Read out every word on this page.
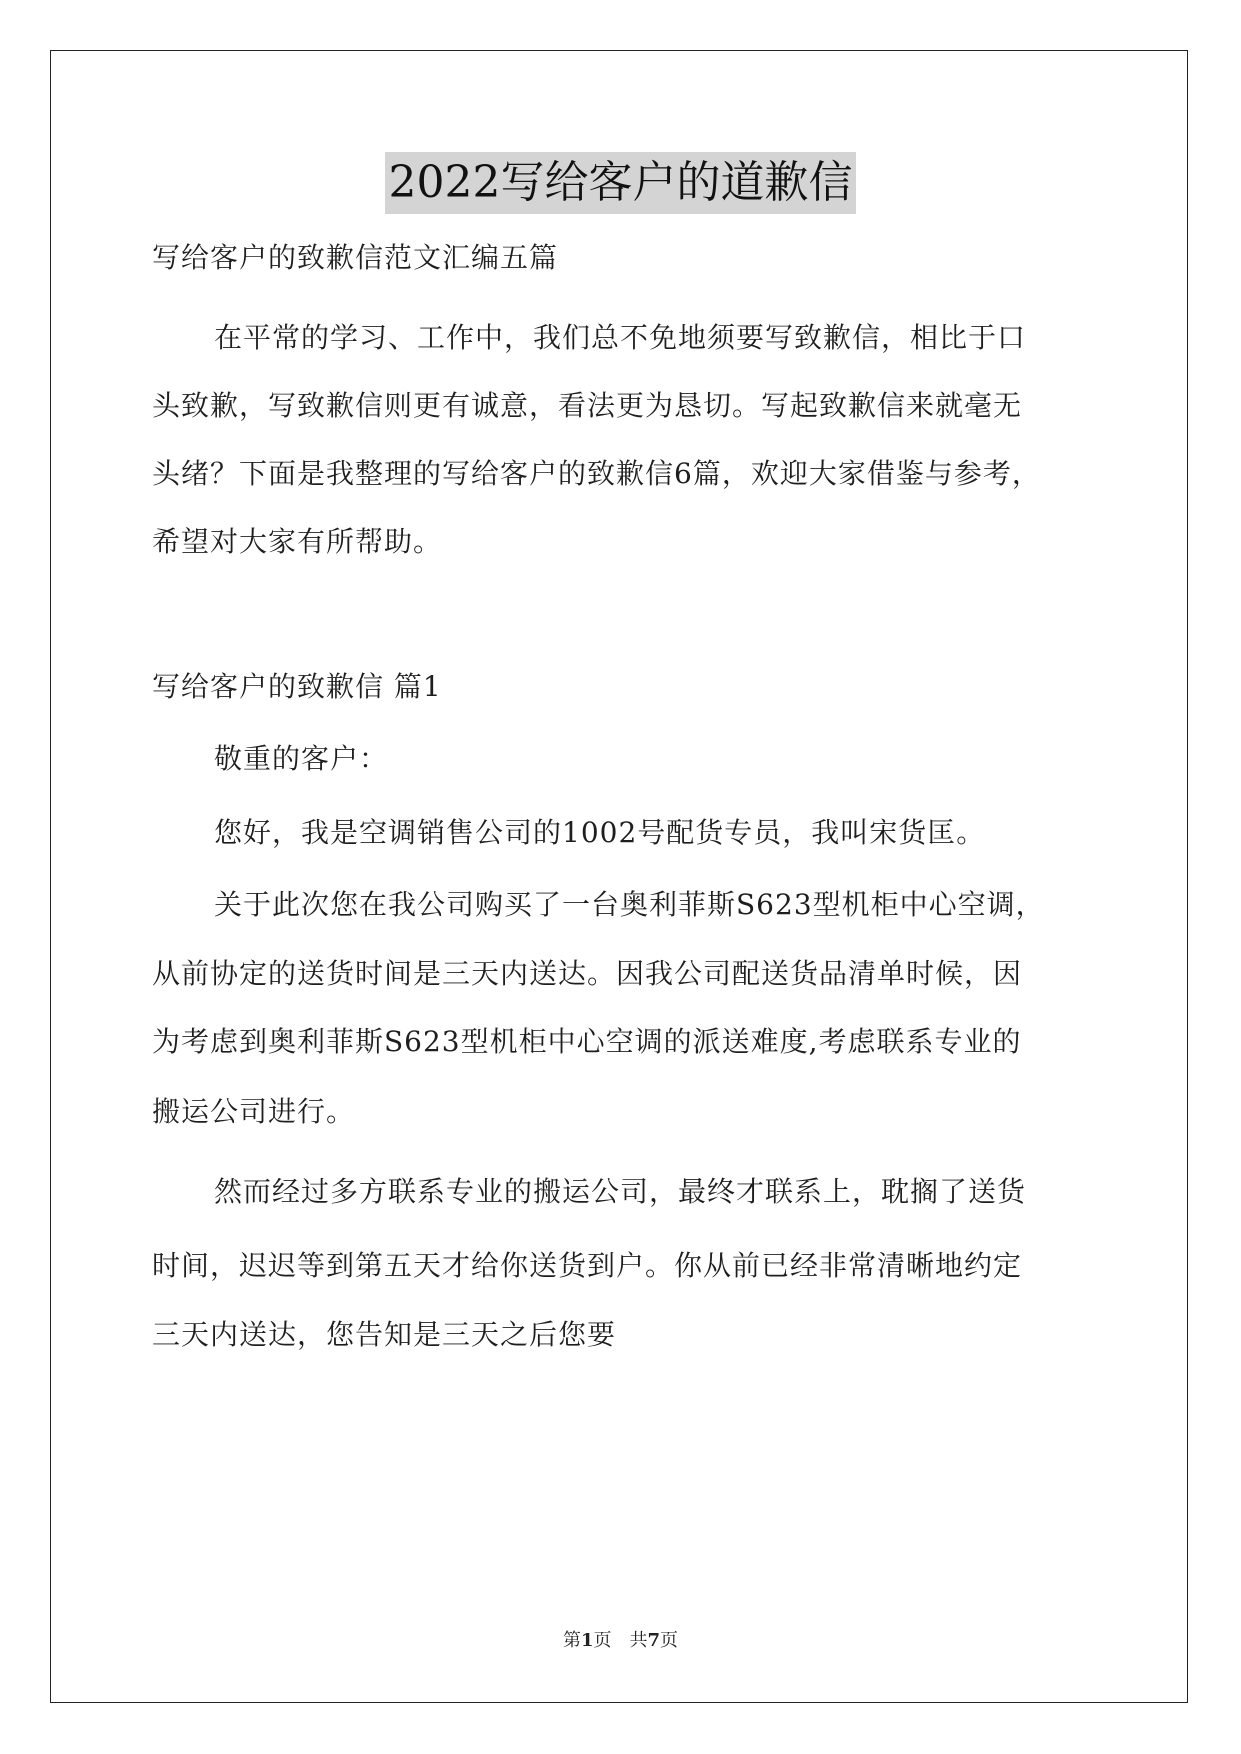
2022写给客户的道歉信
写给客户的致歉信范文汇编五篇
在平常的学习、工作中，我们总不免地须要写致歉信，相比于口
头致歉，写致歉信则更有诚意，看法更为恳切。写起致歉信来就毫无
头绪？下面是我整理的写给客户的致歉信6篇，欢迎大家借鉴与参考，
希望对大家有所帮助。
写给客户的致歉信 篇1
敬重的客户：
您好，我是空调销售公司的1002号配货专员，我叫宋货匡。
关于此次您在我公司购买了一台奥利菲斯S623型机柜中心空调，
从前协定的送货时间是三天内送达。因我公司配送货品清单时候，因
为考虑到奥利菲斯S623型机柜中心空调的派送难度,考虑联系专业的
搬运公司进行。
然而经过多方联系专业的搬运公司，最终才联系上，耽搁了送货
时间，迟迟等到第五天才给你送货到户。你从前已经非常清晰地约定
三天内送达，您告知是三天之后您要
第1页 共7页
